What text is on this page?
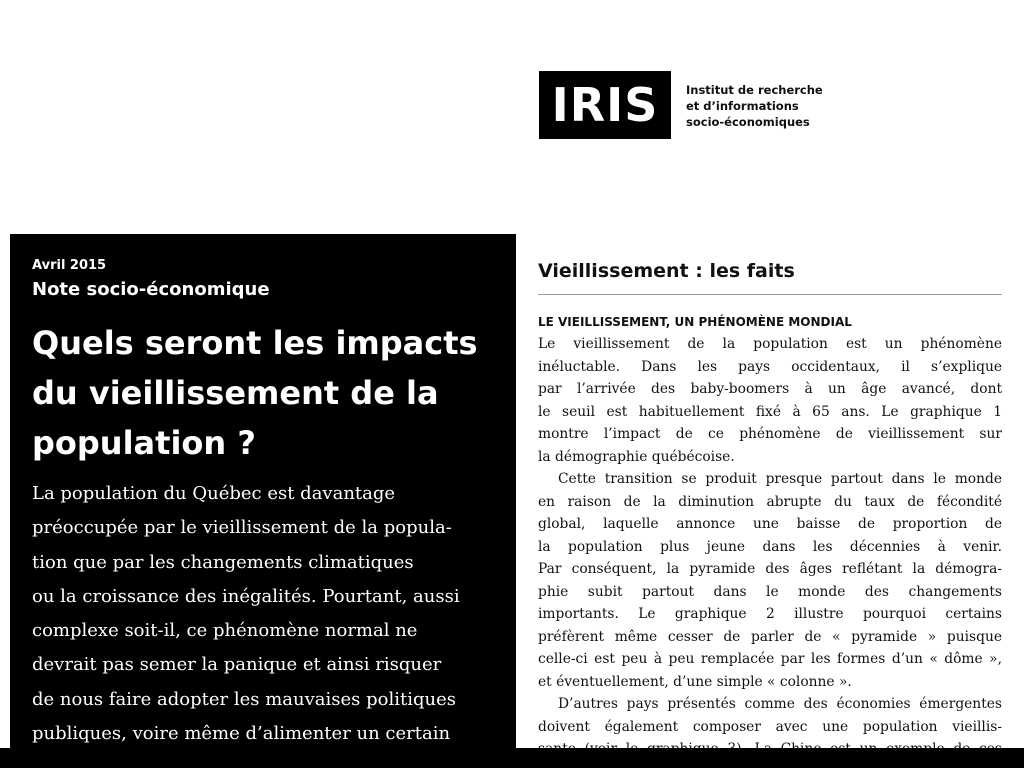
IRIS Institut de recherche
et d’informations
socio-économiques
Avril 2015
Note socio-économique
Quels seront les impacts
du vieillissement de la
population ?
La population du Québec est davantage
préoccupée par le vieillissement de la popula-
tion que par les changements climatiques
ou la croissance des inégalités. Pourtant, aussi
complexe soit-il, ce phénomène normal ne
devrait pas semer la panique et ainsi risquer
de nous faire adopter les mauvaises politiques
publiques, voire même d’alimenter un certain
Vieillissement : les faits
LE VIEILLISSEMENT, UN PHÉNOMÈNE MONDIAL
Le vieillissement de la population est un phénomène
inéluctable. Dans les pays occidentaux, il s’explique
par l’arrivée des baby-boomers à un âge avancé, dont
le seuil est habituellement fixé à 65 ans. Le graphique 1
montre l’impact de ce phénomène de vieillissement sur
la démographie québécoise.
Cette transition se produit presque partout dans le monde
en raison de la diminution abrupte du taux de fécondité
global, laquelle annonce une baisse de proportion de
la population plus jeune dans les décennies à venir.
Par conséquent, la pyramide des âges reflétant la démogra-
phie subit partout dans le monde des changements
importants. Le graphique 2 illustre pourquoi certains
préfèrent même cesser de parler de « pyramide » puisque
celle-ci est peu à peu remplacée par les formes d’un « dôme »,
et éventuellement, d’une simple « colonne ».
D’autres pays présentés comme des économies émergentes
doivent également composer avec une population vieillis-
